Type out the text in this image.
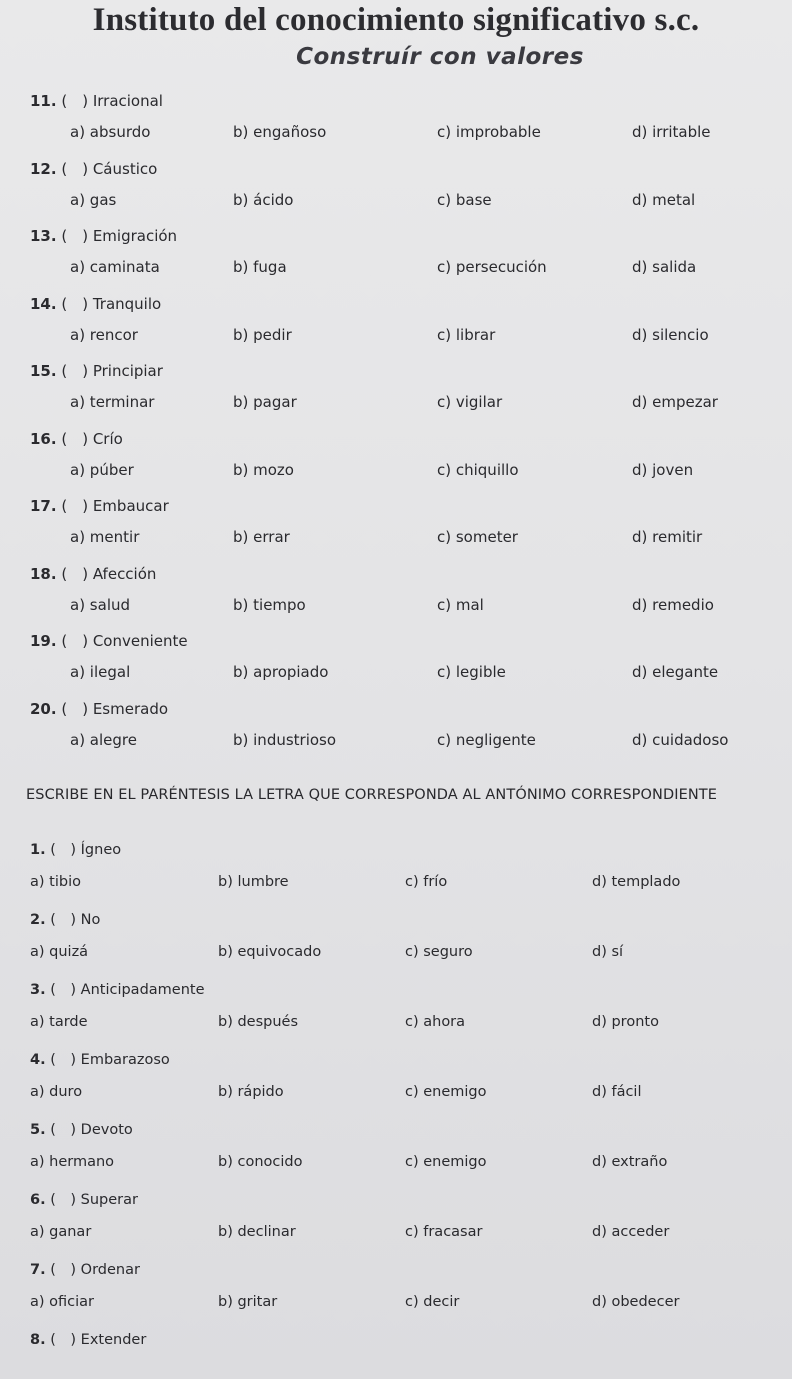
Instituto del conocimiento significativo s.c.
Construír con valores
11. ( ) Irracional
a) absurdo	b) engañoso	c) improbable	d) irritable
12. ( ) Cáustico
a) gas	b) ácido	c) base	d) metal
13. ( ) Emigración
a) caminata	b) fuga	c) persecución	d) salida
14. ( ) Tranquilo
a) rencor	b) pedir	c) librar	d) silencio
15. ( ) Principiar
a) terminar	b) pagar	c) vigilar	d) empezar
16. ( ) Crío
a) púber	b) mozo	c) chiquillo	d) joven
17. ( ) Embaucar
a) mentir	b) errar	c) someter	d) remitir
18. ( ) Afección
a) salud	b) tiempo	c) mal	d) remedio
19. ( ) Conveniente
a) ilegal	b) apropiado	c) legible	d) elegante
20. ( ) Esmerado
a) alegre	b) industrioso	c) negligente	d) cuidadoso
ESCRIBE EN EL PARÉNTESIS LA LETRA QUE CORRESPONDA AL ANTÓNIMO CORRESPONDIENTE
1. ( ) Ígneo
a) tibio	b) lumbre	c) frío	d) templado
2. ( ) No
a) quizá	b) equivocado	c) seguro	d) sí
3. ( ) Anticipadamente
a) tarde	b) después	c) ahora	d) pronto
4. ( ) Embarazoso
a) duro	b) rápido	c) enemigo	d) fácil
5. ( ) Devoto
a) hermano	b) conocido	c) enemigo	d) extraño
6. ( ) Superar
a) ganar	b) declinar	c) fracasar	d) acceder
7. ( ) Ordenar
a) oficiar	b) gritar	c) decir	d) obedecer
8. ( ) Extender
